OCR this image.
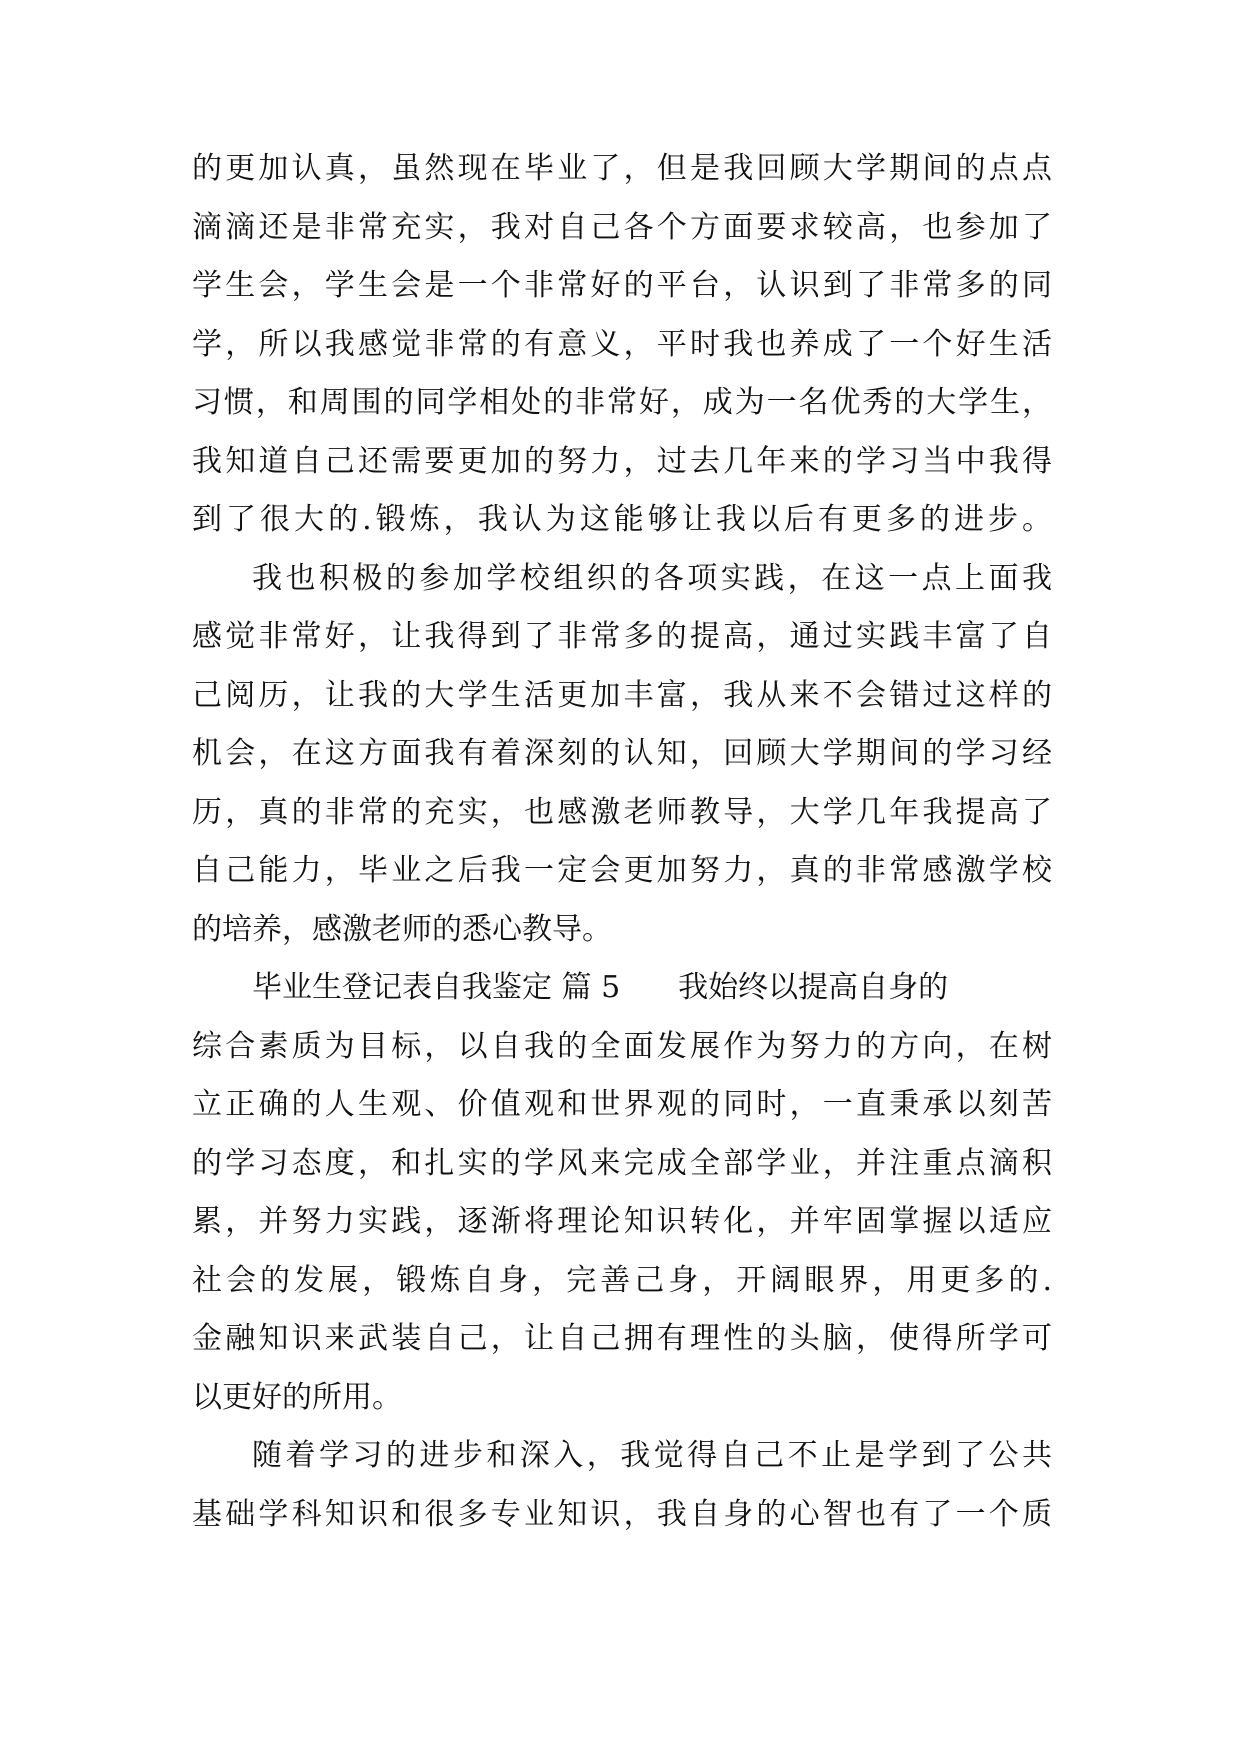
的更加认真，虽然现在毕业了，但是我回顾大学期间的点点
滴滴还是非常充实，我对自己各个方面要求较高，也参加了
学生会，学生会是一个非常好的平台，认识到了非常多的同
学，所以我感觉非常的有意义，平时我也养成了一个好生活
习惯，和周围的同学相处的非常好，成为一名优秀的大学生，
我知道自己还需要更加的努力，过去几年来的学习当中我得
到了很大的.锻炼，我认为这能够让我以后有更多的进步。
我也积极的参加学校组织的各项实践，在这一点上面我
感觉非常好，让我得到了非常多的提高，通过实践丰富了自
己阅历，让我的大学生活更加丰富，我从来不会错过这样的
机会，在这方面我有着深刻的认知，回顾大学期间的学习经
历，真的非常的充实，也感激老师教导，大学几年我提高了
自己能力，毕业之后我一定会更加努力，真的非常感激学校
的培养，感激老师的悉心教导。
毕业生登记表自我鉴定 篇 5 我始终以提高自身的
综合素质为目标，以自我的全面发展作为努力的方向，在树
立正确的人生观、价值观和世界观的同时，一直秉承以刻苦
的学习态度，和扎实的学风来完成全部学业，并注重点滴积
累，并努力实践，逐渐将理论知识转化，并牢固掌握以适应
社会的发展，锻炼自身，完善己身，开阔眼界，用更多的.
金融知识来武装自己，让自己拥有理性的头脑，使得所学可
以更好的所用。
随着学习的进步和深入，我觉得自己不止是学到了公共
基础学科知识和很多专业知识，我自身的心智也有了一个质
